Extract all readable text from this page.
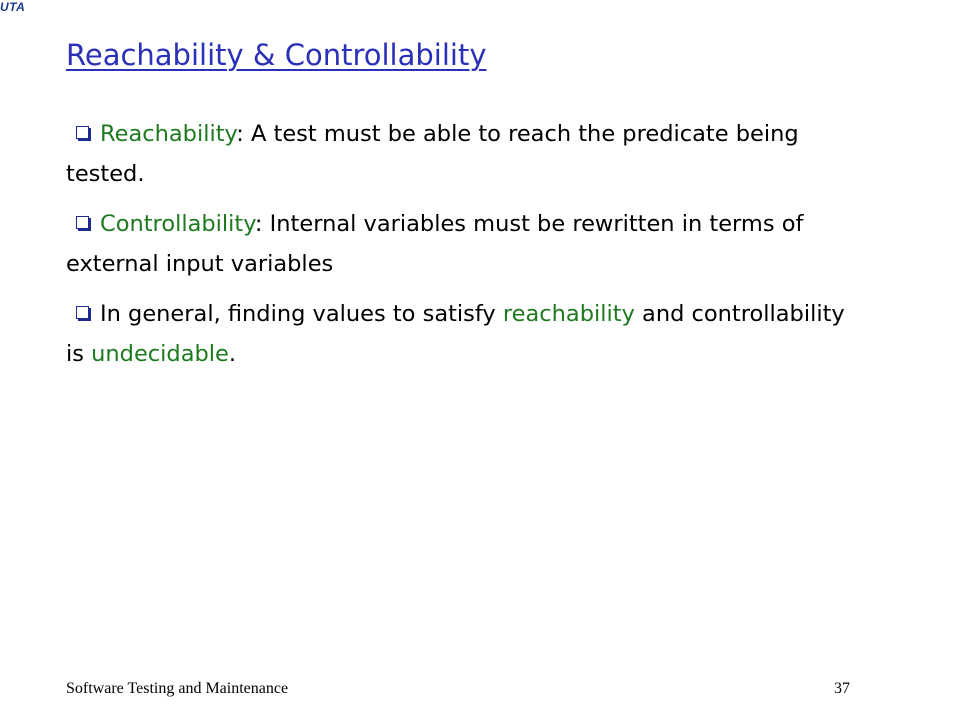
UTA
Reachability & Controllability

Reachability: A test must be able to reach the predicate being tested.

Controllability: Internal variables must be rewritten in terms of external input variables

In general, finding values to satisfy reachability and controllability is undecidable.

Software Testing and Maintenance	37
